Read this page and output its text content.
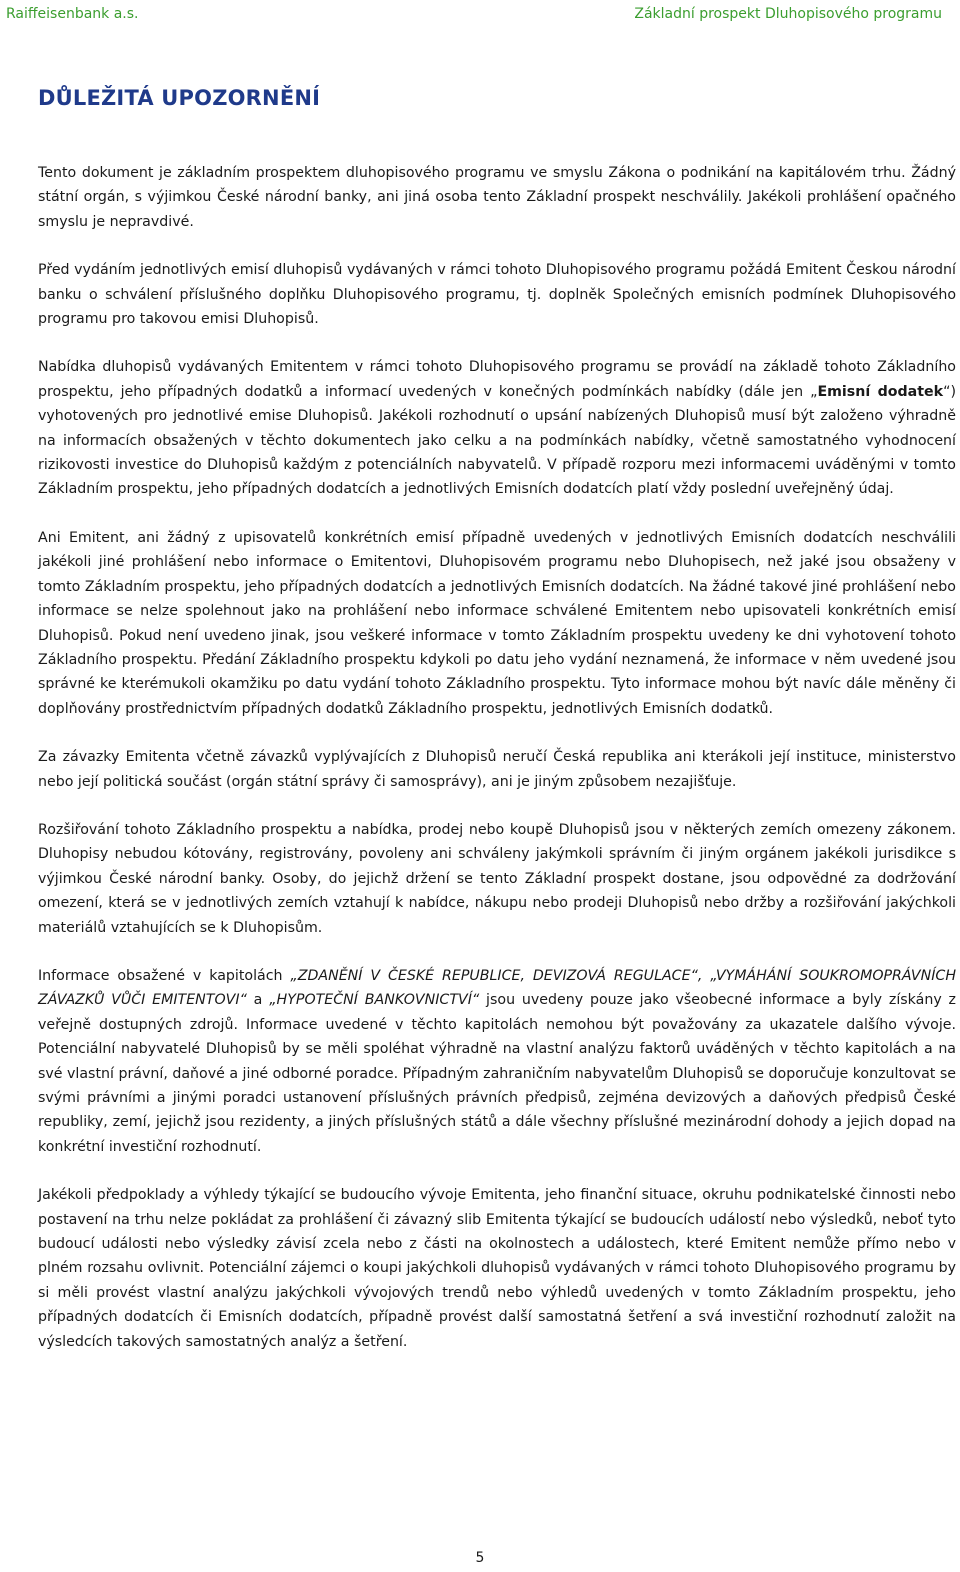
Raiffeisenbank a.s.	Základní prospekt Dluhopisového programu
DŮLEŽITÁ UPOZORNĚNÍ

Tento dokument je základním prospektem dluhopisového programu ve smyslu Zákona o podnikání na kapitálovém trhu. Žádný státní orgán, s výjimkou České národní banky, ani jiná osoba tento Základní prospekt neschválily. Jakékoli prohlášení opačného smyslu je nepravdivé.

Před vydáním jednotlivých emisí dluhopisů vydávaných v rámci tohoto Dluhopisového programu požádá Emitent Českou národní banku o schválení příslušného doplňku Dluhopisového programu, tj. doplněk Společných emisních podmínek Dluhopisového programu pro takovou emisi Dluhopisů.

Nabídka dluhopisů vydávaných Emitentem v rámci tohoto Dluhopisového programu se provádí na základě tohoto Základního prospektu, jeho případných dodatků a informací uvedených v konečných podmínkách nabídky (dále jen „Emisní dodatek“) vyhotovených pro jednotlivé emise Dluhopisů. Jakékoli rozhodnutí o upsání nabízených Dluhopisů musí být založeno výhradně na informacích obsažených v těchto dokumentech jako celku a na podmínkách nabídky, včetně samostatného vyhodnocení rizikovosti investice do Dluhopisů každým z potenciálních nabyvatelů. V případě rozporu mezi informacemi uváděnými v tomto Základním prospektu, jeho případných dodatcích a jednotlivých Emisních dodatcích platí vždy poslední uveřejněný údaj.

Ani Emitent, ani žádný z upisovatelů konkrétních emisí případně uvedených v jednotlivých Emisních dodatcích neschválili jakékoli jiné prohlášení nebo informace o Emitentovi, Dluhopisovém programu nebo Dluhopisech, než jaké jsou obsaženy v tomto Základním prospektu, jeho případných dodatcích a jednotlivých Emisních dodatcích. Na žádné takové jiné prohlášení nebo informace se nelze spolehnout jako na prohlášení nebo informace schválené Emitentem nebo upisovateli konkrétních emisí Dluhopisů. Pokud není uvedeno jinak, jsou veškeré informace v tomto Základním prospektu uvedeny ke dni vyhotovení tohoto Základního prospektu. Předání Základního prospektu kdykoli po datu jeho vydání neznamená, že informace v něm uvedené jsou správné ke kterémukoli okamžiku po datu vydání tohoto Základního prospektu. Tyto informace mohou být navíc dále měněny či doplňovány prostřednictvím případných dodatků Základního prospektu, jednotlivých Emisních dodatků.

Za závazky Emitenta včetně závazků vyplývajících z Dluhopisů neručí Česká republika ani kterákoli její instituce, ministerstvo nebo její politická součást (orgán státní správy či samosprávy), ani je jiným způsobem nezajišťuje.

Rozšiřování tohoto Základního prospektu a nabídka, prodej nebo koupě Dluhopisů jsou v některých zemích omezeny zákonem. Dluhopisy nebudou kótovány, registrovány, povoleny ani schváleny jakýmkoli správním či jiným orgánem jakékoli jurisdikce s výjimkou České národní banky. Osoby, do jejichž držení se tento Základní prospekt dostane, jsou odpovědné za dodržování omezení, která se v jednotlivých zemích vztahují k nabídce, nákupu nebo prodeji Dluhopisů nebo držby a rozšiřování jakýchkoli materiálů vztahujících se k Dluhopisům.

Informace obsažené v kapitolách „ZDANĚNÍ V ČESKÉ REPUBLICE, DEVIZOVÁ REGULACE“, „VYMÁHÁNÍ SOUKROMOPRÁVNÍCH ZÁVAZKŮ VŮČI EMITENTOVI“ a „HYPOTEČNÍ BANKOVNICTVÍ“ jsou uvedeny pouze jako všeobecné informace a byly získány z veřejně dostupných zdrojů. Informace uvedené v těchto kapitolách nemohou být považovány za ukazatele dalšího vývoje. Potenciální nabyvatelé Dluhopisů by se měli spoléhat výhradně na vlastní analýzu faktorů uváděných v těchto kapitolách a na své vlastní právní, daňové a jiné odborné poradce. Případným zahraničním nabyvatelům Dluhopisů se doporučuje konzultovat se svými právními a jinými poradci ustanovení příslušných právních předpisů, zejména devizových a daňových předpisů České republiky, zemí, jejichž jsou rezidenty, a jiných příslušných států a dále všechny příslušné mezinárodní dohody a jejich dopad na konkrétní investiční rozhodnutí.

Jakékoli předpoklady a výhledy týkající se budoucího vývoje Emitenta, jeho finanční situace, okruhu podnikatelské činnosti nebo postavení na trhu nelze pokládat za prohlášení či závazný slib Emitenta týkající se budoucích událostí nebo výsledků, neboť tyto budoucí události nebo výsledky závisí zcela nebo z části na okolnostech a událostech, které Emitent nemůže přímo nebo v plném rozsahu ovlivnit. Potenciální zájemci o koupi jakýchkoli dluhopisů vydávaných v rámci tohoto Dluhopisového programu by si měli provést vlastní analýzu jakýchkoli vývojových trendů nebo výhledů uvedených v tomto Základním prospektu, jeho případných dodatcích či Emisních dodatcích, případně provést další samostatná šetření a svá investiční rozhodnutí založit na výsledcích takových samostatných analýz a šetření.

5
